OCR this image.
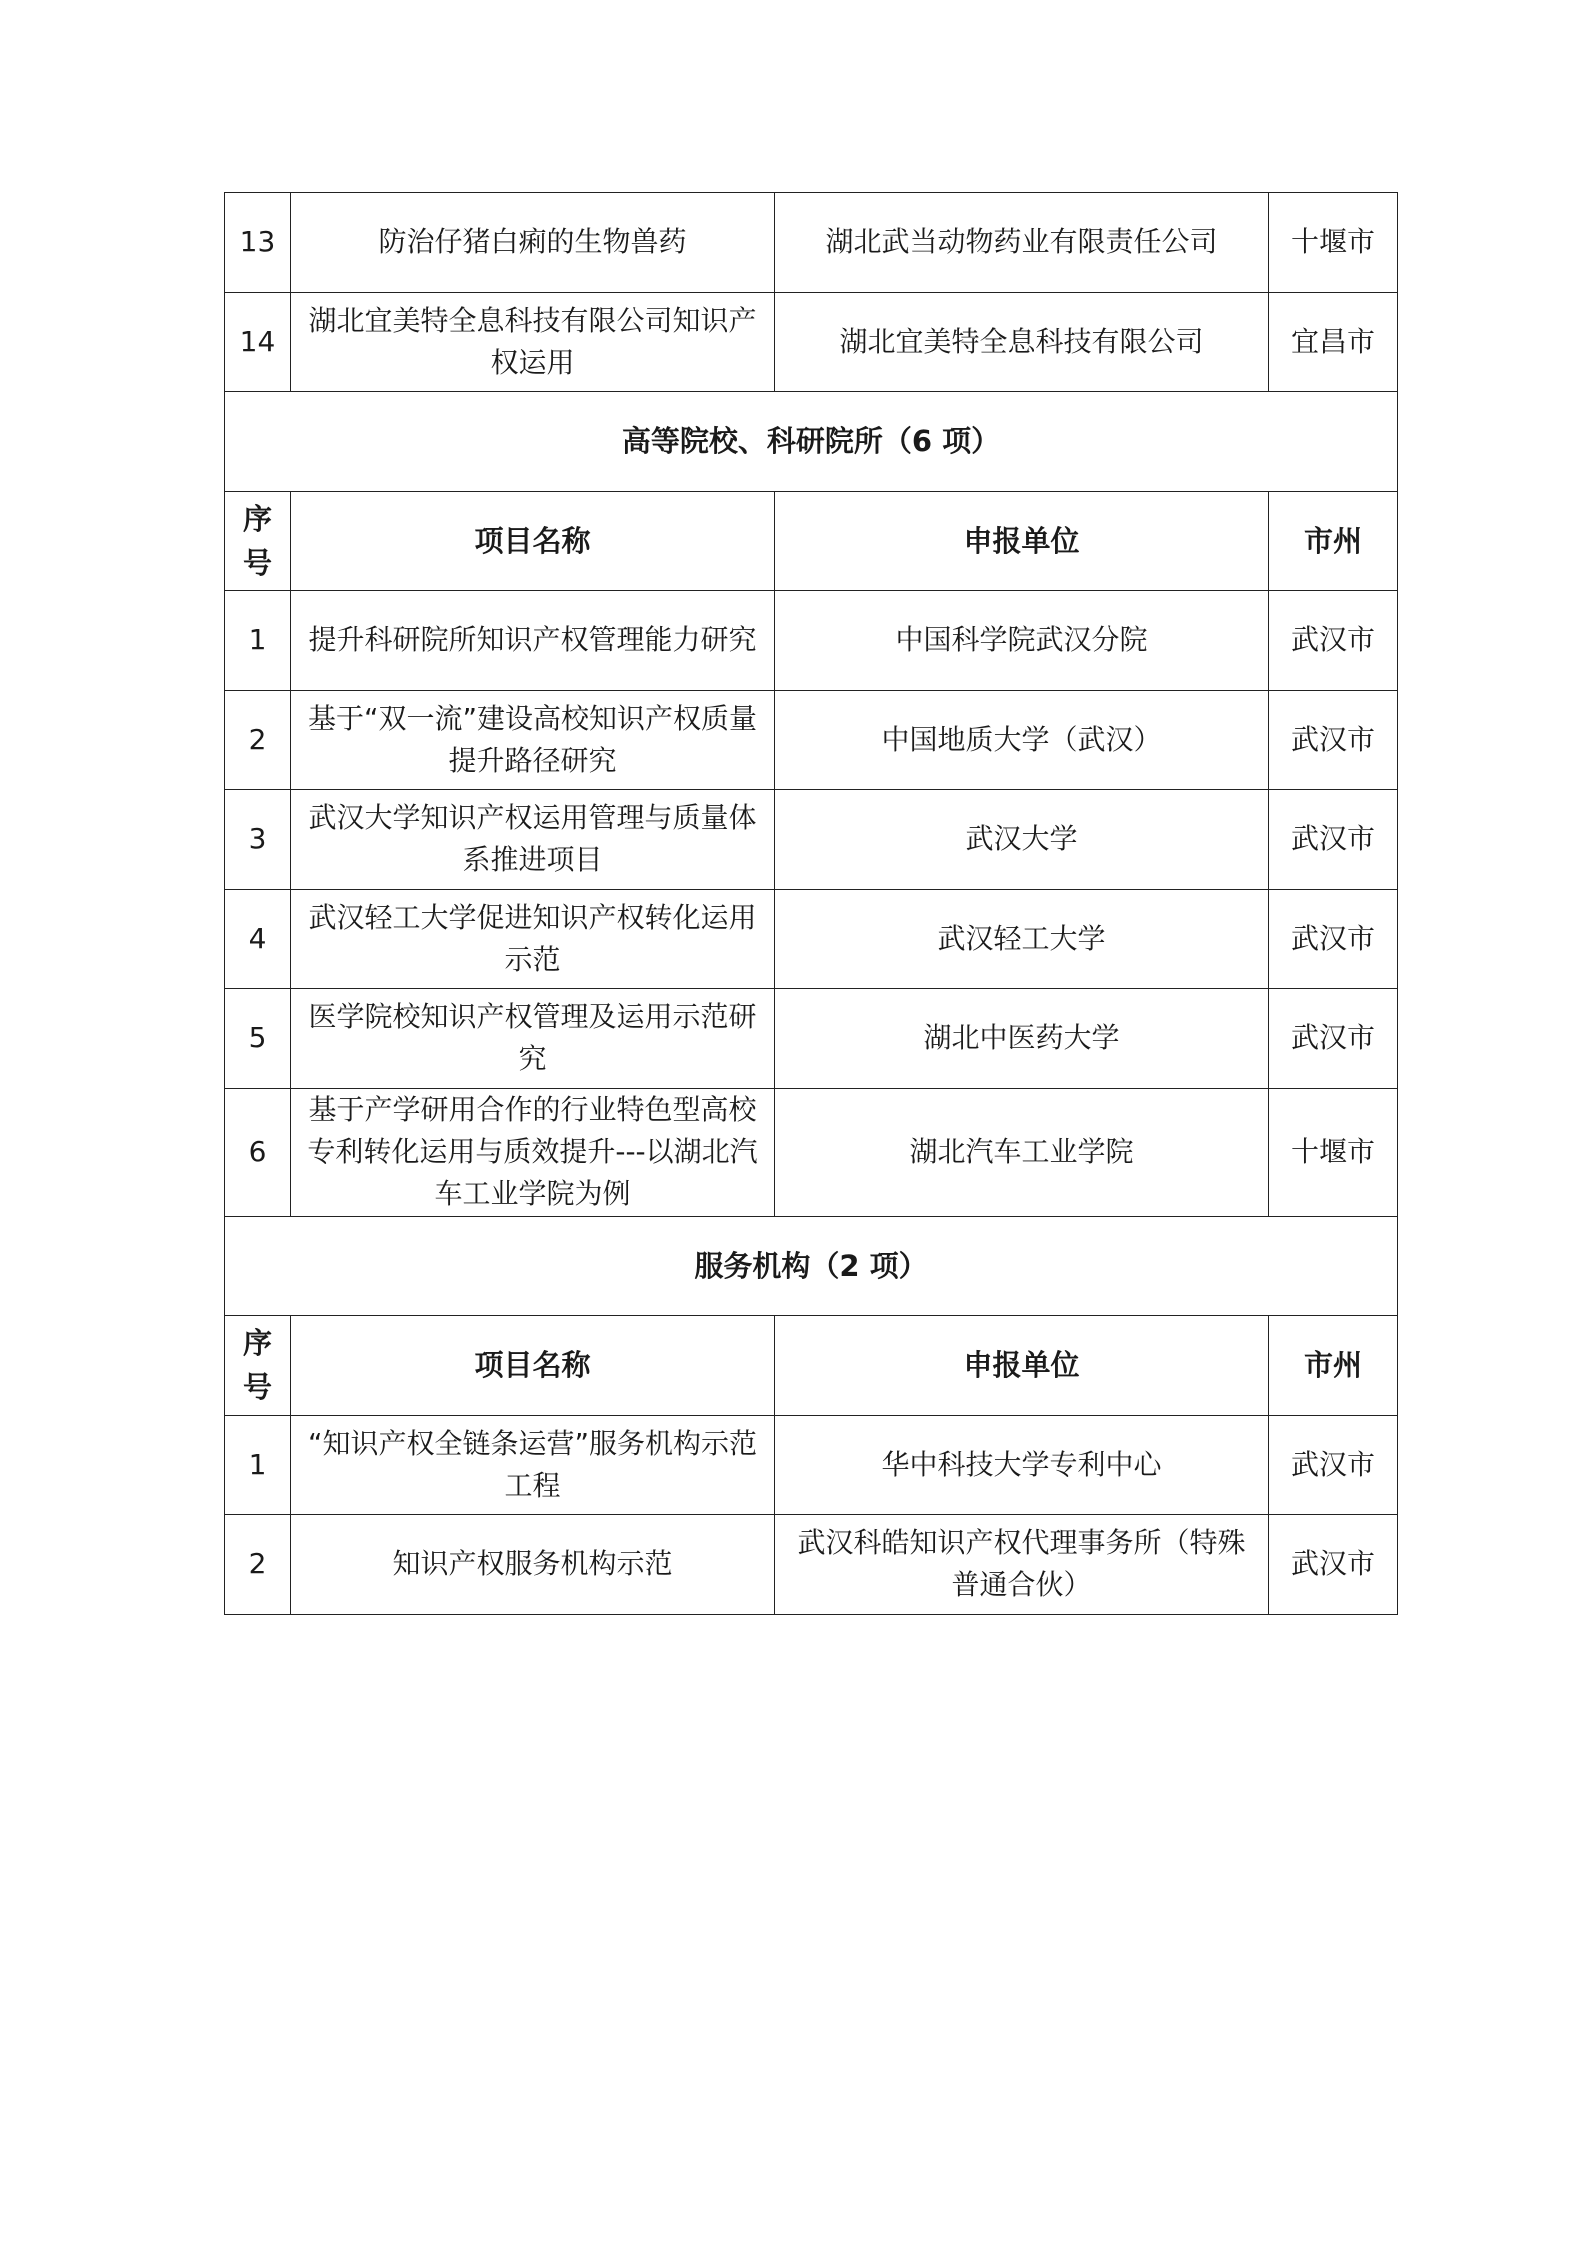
13	防治仔猪白痢的生物兽药	湖北武当动物药业有限责任公司	十堰市
14	湖北宜美特全息科技有限公司知识产权运用	湖北宜美特全息科技有限公司	宜昌市
高等院校、科研院所（6 项）			
序号	项目名称	申报单位	市州
1	提升科研院所知识产权管理能力研究	中国科学院武汉分院	武汉市
2	基于“双一流”建设高校知识产权质量提升路径研究	中国地质大学（武汉）	武汉市
3	武汉大学知识产权运用管理与质量体系推进项目	武汉大学	武汉市
4	武汉轻工大学促进知识产权转化运用示范	武汉轻工大学	武汉市
5	医学院校知识产权管理及运用示范研究	湖北中医药大学	武汉市
6	基于产学研用合作的行业特色型高校专利转化运用与质效提升---以湖北汽车工业学院为例	湖北汽车工业学院	十堰市
服务机构（2 项）			
序号	项目名称	申报单位	市州
1	“知识产权全链条运营”服务机构示范工程	华中科技大学专利中心	武汉市
2	知识产权服务机构示范	武汉科皓知识产权代理事务所（特殊普通合伙）	武汉市
